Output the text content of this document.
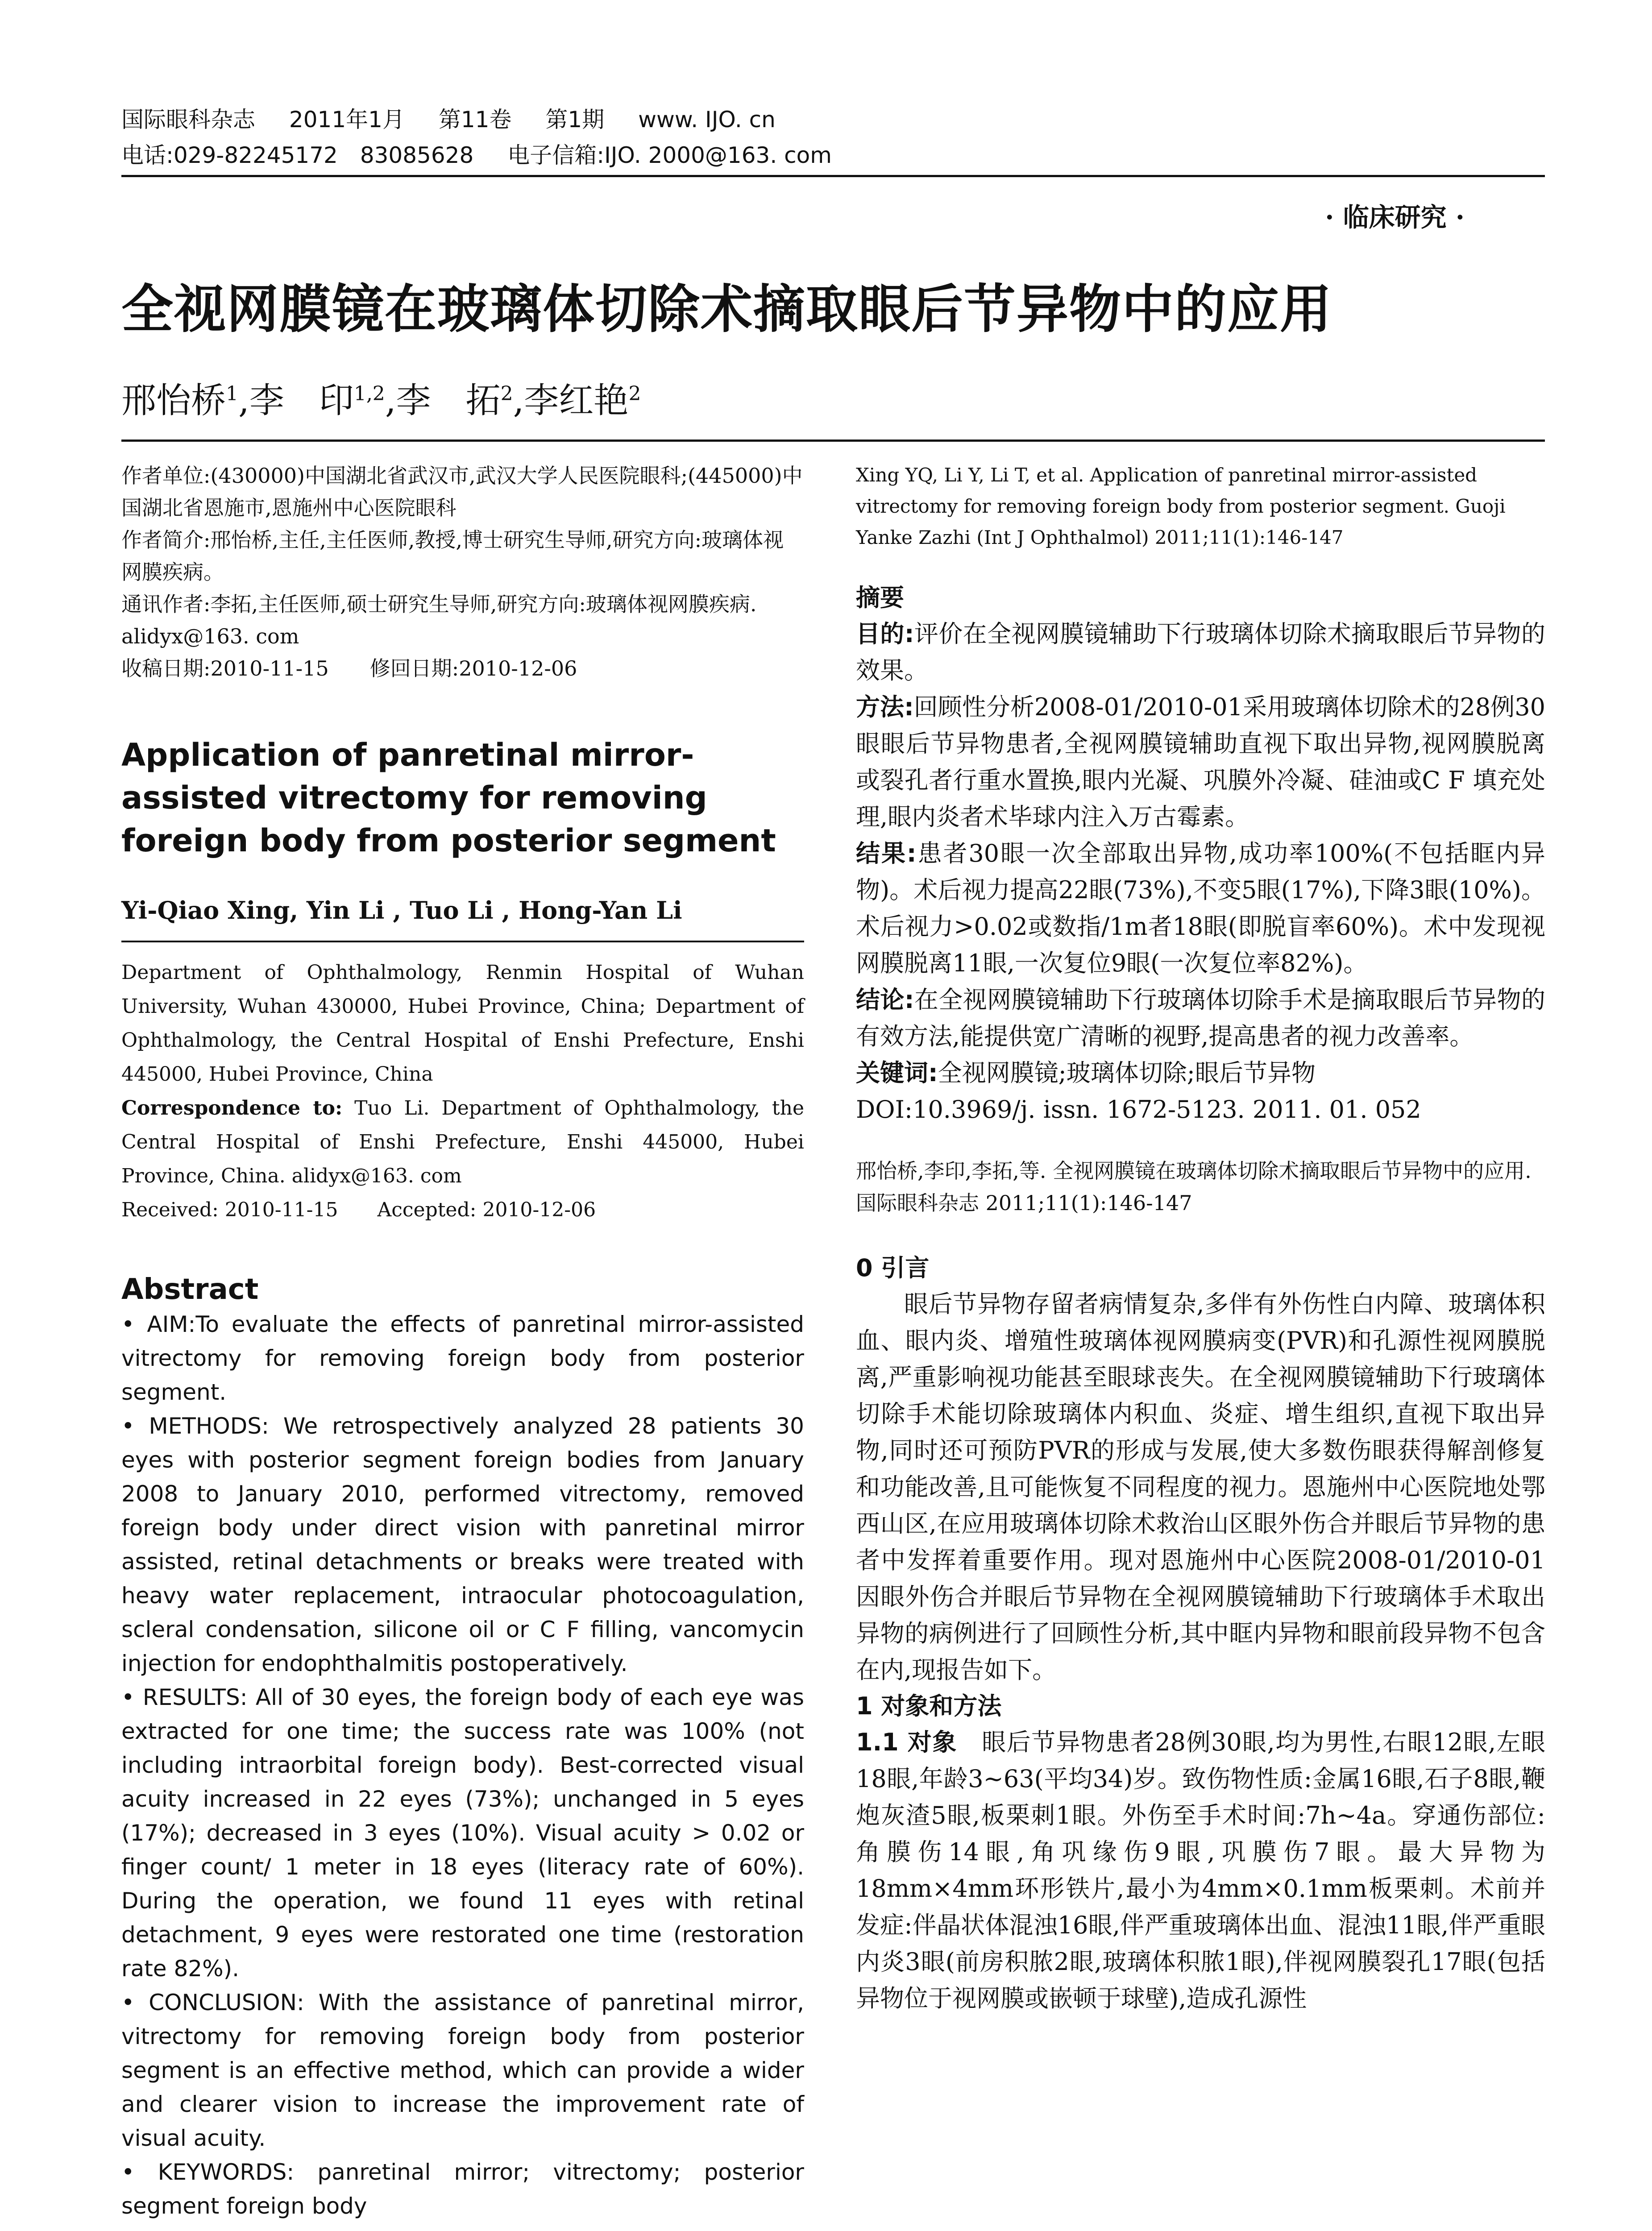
国际眼科杂志 2011年1月 第11卷 第1期 www. IJO. cn
电话:029-82245172　83085628 电子信箱:IJO. 2000@163. com
· 临床研究 ·
全视网膜镜在玻璃体切除术摘取眼后节异物中的应用
邢怡桥$^1$,李　印$^{1,2}$,李　拓$^2$,李红艳$^2$
作者单位:(430000)中国湖北省武汉市,武汉大学人民医院眼科;(445000)中国湖北省恩施市,恩施州中心医院眼科
作者简介:邢怡桥,主任,主任医师,教授,博士研究生导师,研究方向:玻璃体视网膜疾病。
通讯作者:李拓,主任医师,硕士研究生导师,研究方向:玻璃体视网膜疾病. alidyx@163. com
收稿日期:2010-11-15　　修回日期:2010-12-06
Application of panretinal mirror-assisted vitrectomy for removing foreign body from posterior segment
Yi-Qiao Xing, Yin Li , Tuo Li , Hong-Yan Li
Department of Ophthalmology, Renmin Hospital of Wuhan University, Wuhan 430000, Hubei Province, China; Department of Ophthalmology, the Central Hospital of Enshi Prefecture, Enshi 445000, Hubei Province, China
Correspondence to: Tuo Li. Department of Ophthalmology, the Central Hospital of Enshi Prefecture, Enshi 445000, Hubei Province, China. alidyx@163. com
Received: 2010-11-15　　Accepted: 2010-12-06
Abstract
• AIM:To evaluate the effects of panretinal mirror-assisted vitrectomy for removing foreign body from posterior segment.
• METHODS: We retrospectively analyzed 28 patients 30 eyes with posterior segment foreign bodies from January 2008 to January 2010, performed vitrectomy, removed foreign body under direct vision with panretinal mirror assisted, retinal detachments or breaks were treated with heavy water replacement, intraocular photocoagulation, scleral condensation, silicone oil or C F filling, vancomycin injection for endophthalmitis postoperatively.
• RESULTS: All of 30 eyes, the foreign body of each eye was extracted for one time; the success rate was 100% (not including intraorbital foreign body). Best-corrected visual acuity increased in 22 eyes (73%); unchanged in 5 eyes (17%); decreased in 3 eyes (10%). Visual acuity > 0.02 or finger count/ 1 meter in 18 eyes (literacy rate of 60%). During the operation, we found 11 eyes with retinal detachment, 9 eyes were restorated one time (restoration rate 82%).
• CONCLUSION: With the assistance of panretinal mirror, vitrectomy for removing foreign body from posterior segment is an effective method, which can provide a wider and clearer vision to increase the improvement rate of visual acuity.
• KEYWORDS: panretinal mirror; vitrectomy; posterior segment foreign body
Xing YQ, Li Y, Li T, et al. Application of panretinal mirror-assisted vitrectomy for removing foreign body from posterior segment. Guoji Yanke Zazhi (Int J Ophthalmol) 2011;11(1):146-147
摘要
目的:评价在全视网膜镜辅助下行玻璃体切除术摘取眼后节异物的效果。
方法:回顾性分析2008-01/2010-01采用玻璃体切除术的28例30眼眼后节异物患者,全视网膜镜辅助直视下取出异物,视网膜脱离或裂孔者行重水置换,眼内光凝、巩膜外冷凝、硅油或C F 填充处理,眼内炎者术毕球内注入万古霉素。
结果:患者30眼一次全部取出异物,成功率100%(不包括眶内异物)。术后视力提高22眼(73%),不变5眼(17%),下降3眼(10%)。术后视力>0.02或数指/1m者18眼(即脱盲率60%)。术中发现视网膜脱离11眼,一次复位9眼(一次复位率82%)。
结论:在全视网膜镜辅助下行玻璃体切除手术是摘取眼后节异物的有效方法,能提供宽广清晰的视野,提高患者的视力改善率。
关键词:全视网膜镜;玻璃体切除;眼后节异物
DOI:10.3969/j. issn. 1672-5123. 2011. 01. 052
邢怡桥,李印,李拓,等. 全视网膜镜在玻璃体切除术摘取眼后节异物中的应用. 国际眼科杂志 2011;11(1):146-147
0 引言
眼后节异物存留者病情复杂,多伴有外伤性白内障、玻璃体积血、眼内炎、增殖性玻璃体视网膜病变(PVR)和孔源性视网膜脱离,严重影响视功能甚至眼球丧失。在全视网膜镜辅助下行玻璃体切除手术能切除玻璃体内积血、炎症、增生组织,直视下取出异物,同时还可预防PVR的形成与发展,使大多数伤眼获得解剖修复和功能改善,且可能恢复不同程度的视力。恩施州中心医院地处鄂西山区,在应用玻璃体切除术救治山区眼外伤合并眼后节异物的患者中发挥着重要作用。现对恩施州中心医院2008-01/2010-01因眼外伤合并眼后节异物在全视网膜镜辅助下行玻璃体手术取出异物的病例进行了回顾性分析,其中眶内异物和眼前段异物不包含在内,现报告如下。
1 对象和方法
1.1 对象　 眼后节异物患者28例30眼,均为男性,右眼12眼,左眼18眼,年龄3~63(平均34)岁。致伤物性质:金属16眼,石子8眼,鞭炮灰渣5眼,板栗刺1眼。外伤至手术时间:7h~4a。穿通伤部位:角膜伤14眼,角巩缘伤9眼,巩膜伤7眼。最大异物为18mm×4mm环形铁片,最小为4mm×0.1mm板栗刺。术前并发症:伴晶状体混浊16眼,伴严重玻璃体出血、混浊11眼,伴严重眼内炎3眼(前房积脓2眼,玻璃体积脓1眼),伴视网膜裂孔17眼(包括异物位于视网膜或嵌顿于球壁),造成孔源性
